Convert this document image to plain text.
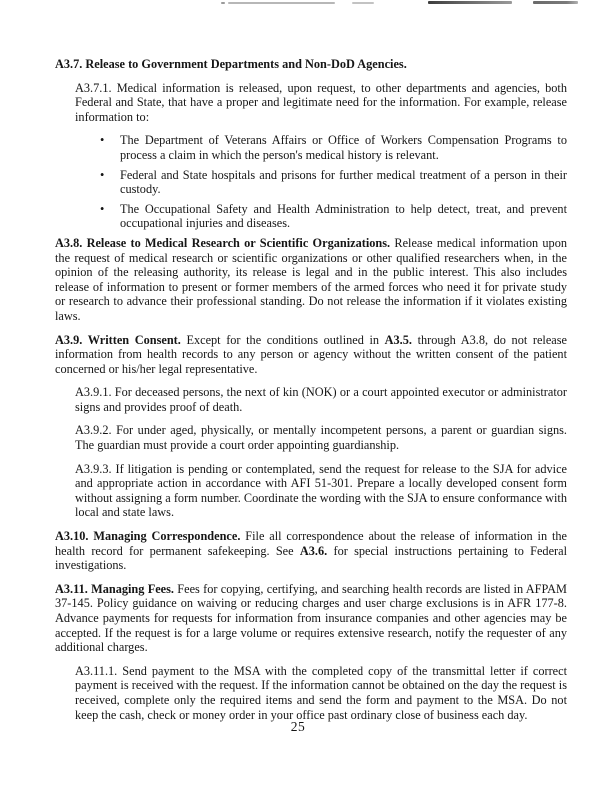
A3.7. Release to Government Departments and Non-DoD Agencies.
A3.7.1. Medical information is released, upon request, to other departments and agencies, both Federal and State, that have a proper and legitimate need for the information. For example, release information to:
• The Department of Veterans Affairs or Office of Workers Compensation Programs to process a claim in which the person's medical history is relevant.
• Federal and State hospitals and prisons for further medical treatment of a person in their custody.
• The Occupational Safety and Health Administration to help detect, treat, and prevent occupational injuries and diseases.
A3.8. Release to Medical Research or Scientific Organizations. Release medical information upon the request of medical research or scientific organizations or other qualified researchers when, in the opinion of the releasing authority, its release is legal and in the public interest. This also includes release of information to present or former members of the armed forces who need it for private study or research to advance their professional standing. Do not release the information if it violates existing laws.
A3.9. Written Consent. Except for the conditions outlined in A3.5. through A3.8, do not release information from health records to any person or agency without the written consent of the patient concerned or his/her legal representative.
A3.9.1. For deceased persons, the next of kin (NOK) or a court appointed executor or administrator signs and provides proof of death.
A3.9.2. For under aged, physically, or mentally incompetent persons, a parent or guardian signs. The guardian must provide a court order appointing guardianship.
A3.9.3. If litigation is pending or contemplated, send the request for release to the SJA for advice and appropriate action in accordance with AFI 51-301. Prepare a locally developed consent form without assigning a form number. Coordinate the wording with the SJA to ensure conformance with local and state laws.
A3.10. Managing Correspondence. File all correspondence about the release of information in the health record for permanent safekeeping. See A3.6. for special instructions pertaining to Federal investigations.
A3.11. Managing Fees. Fees for copying, certifying, and searching health records are listed in AFPAM 37-145. Policy guidance on waiving or reducing charges and user charge exclusions is in AFR 177-8. Advance payments for requests for information from insurance companies and other agencies may be accepted. If the request is for a large volume or requires extensive research, notify the requester of any additional charges.
A3.11.1. Send payment to the MSA with the completed copy of the transmittal letter if correct payment is received with the request. If the information cannot be obtained on the day the request is received, complete only the required items and send the form and payment to the MSA. Do not keep the cash, check or money order in your office past ordinary close of business each day.
25
